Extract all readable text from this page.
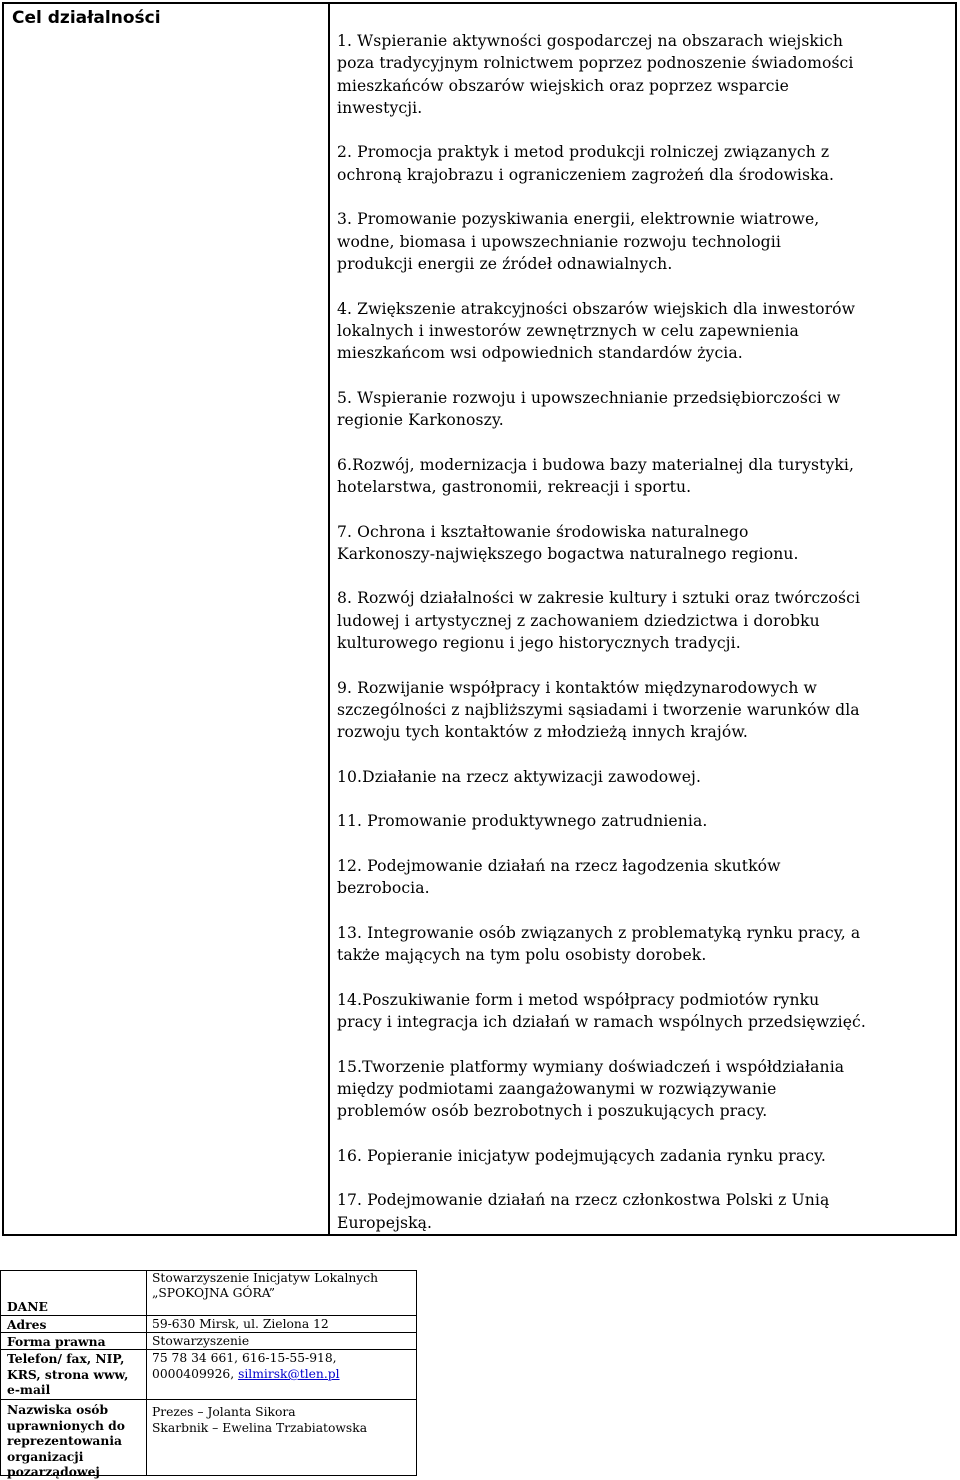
Cel działalności

1. Wspieranie aktywności gospodarczej na obszarach wiejskich
poza tradycyjnym rolnictwem poprzez podnoszenie świadomości
mieszkańców obszarów wiejskich oraz poprzez wsparcie
inwestycji.

2. Promocja praktyk i metod produkcji rolniczej związanych z
ochroną krajobrazu i ograniczeniem zagrożeń dla środowiska.

3. Promowanie pozyskiwania energii, elektrownie wiatrowe,
wodne, biomasa i upowszechnianie rozwoju technologii
produkcji energii ze źródeł odnawialnych.

4. Zwiększenie atrakcyjności obszarów wiejskich dla inwestorów
lokalnych i inwestorów zewnętrznych w celu zapewnienia
mieszkańcom wsi odpowiednich standardów życia.

5. Wspieranie rozwoju i upowszechnianie przedsiębiorczości w
regionie Karkonoszy.

6.Rozwój, modernizacja i budowa bazy materialnej dla turystyki,
hotelarstwa, gastronomii, rekreacji i sportu.

7. Ochrona i kształtowanie środowiska naturalnego
Karkonoszy-największego bogactwa naturalnego regionu.

8. Rozwój działalności w zakresie kultury i sztuki oraz twórczości
ludowej i artystycznej z zachowaniem dziedzictwa i dorobku
kulturowego regionu i jego historycznych tradycji.

9. Rozwijanie współpracy i kontaktów międzynarodowych w
szczególności z najbliższymi sąsiadami i tworzenie warunków dla
rozwoju tych kontaktów z młodzieżą innych krajów.

10.Działanie na rzecz aktywizacji zawodowej.

11. Promowanie produktywnego zatrudnienia.

12. Podejmowanie działań na rzecz łagodzenia skutków
bezrobocia.

13. Integrowanie osób związanych z problematyką rynku pracy, a
także mających na tym polu osobisty dorobek.

14.Poszukiwanie form i metod współpracy podmiotów rynku
pracy i integracja ich działań w ramach wspólnych przedsięwzięć.

15.Tworzenie platformy wymiany doświadczeń i współdziałania
między podmiotami zaangażowanymi w rozwiązywanie
problemów osób bezrobotnych i poszukujących pracy.

16. Popieranie inicjatyw podejmujących zadania rynku pracy.

17. Podejmowanie działań na rzecz członkostwa Polski z Unią
Europejską.

DANE
Stowarzyszenie Inicjatyw Lokalnych
„SPOKOJNA GÓRA”
Adres	59-630 Mirsk, ul. Zielona 12
Forma prawna	Stowarzyszenie
Telefon/ fax, NIP,
KRS, strona www,
e-mail
75 78 34 661, 616-15-55-918,
0000409926, silmirsk@tlen.pl
Nazwiska osób
uprawnionych do
reprezentowania
organizacji
pozarządowej
Prezes – Jolanta Sikora
Skarbnik – Ewelina Trzabiatowska
